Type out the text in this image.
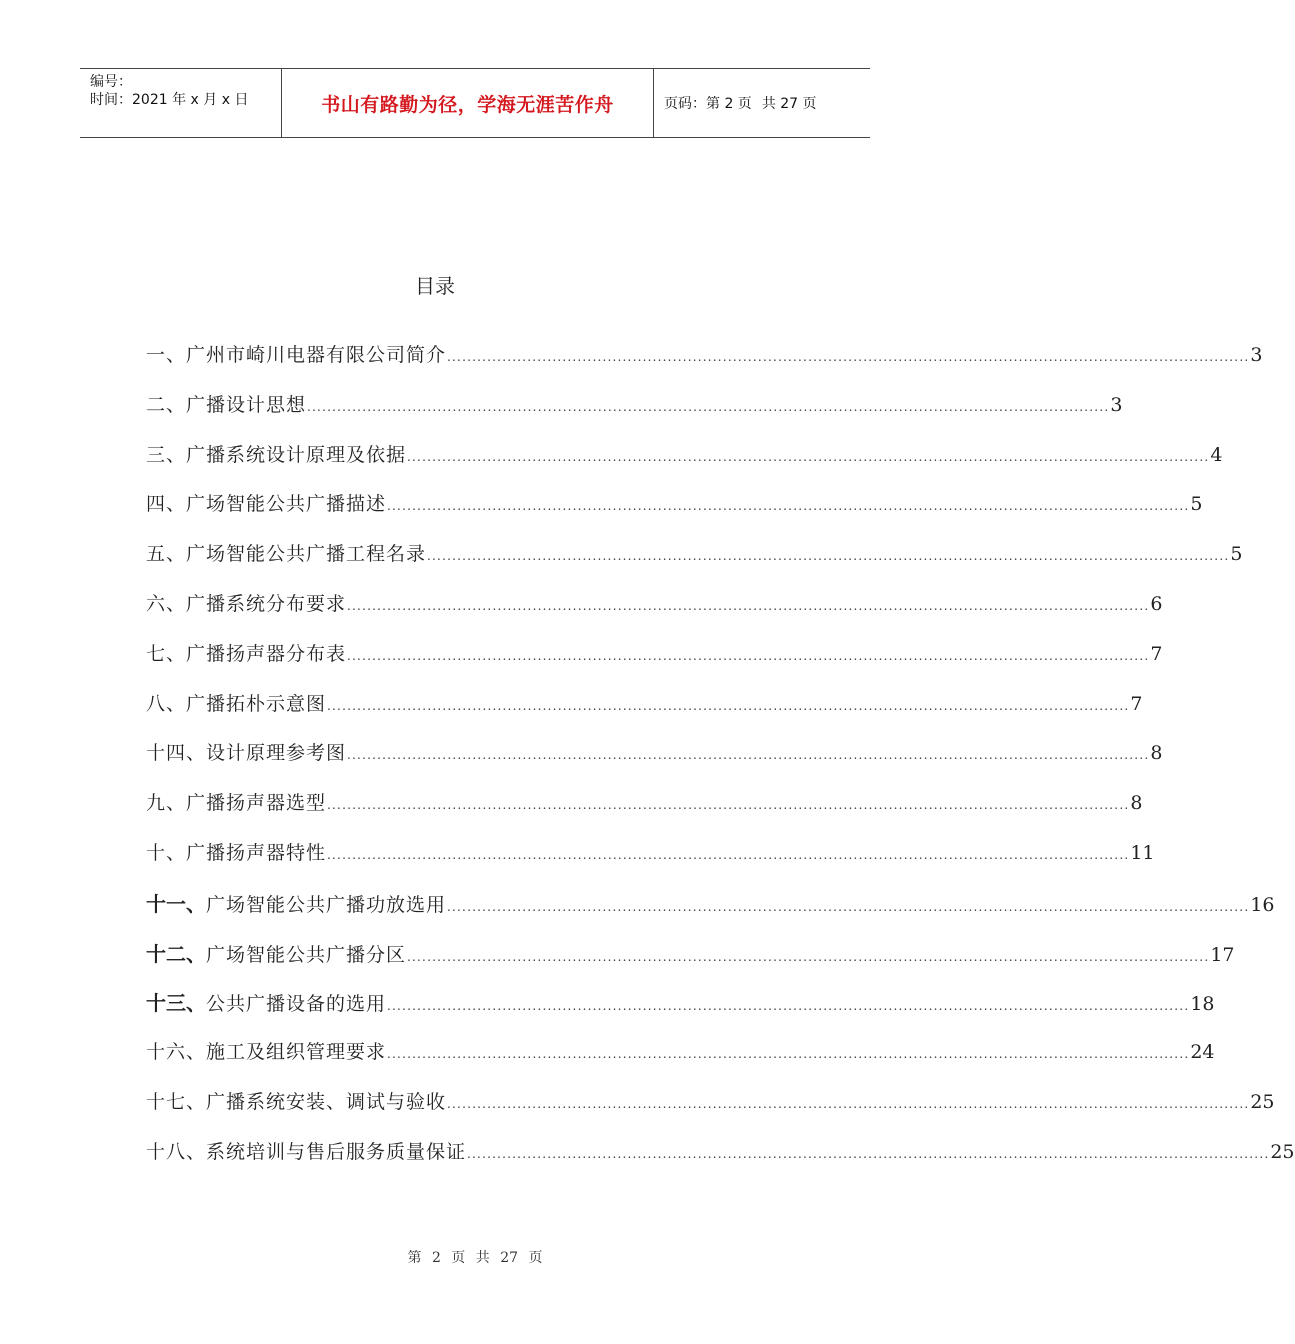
编号：
时间：2021 年 x 月 x 日	书山有路勤为径，学海无涯苦作舟	页码：第 2 页 共 27 页
目录
一、 广州市崎川电器有限公司简介 ................................................................................................................................................................ 3
二、 广播设计思想 ................................................................................................................................................................ 3
三、 广播系统设计原理及依据 ................................................................................................................................................................ 4
四、 广场智能公共广播描述 ................................................................................................................................................................ 5
五、 广场智能公共广播工程名录 ................................................................................................................................................................ 5
六、 广播系统分布要求 ................................................................................................................................................................ 6
七、 广播扬声器分布表 ................................................................................................................................................................ 7
八、 广播拓朴示意图 ................................................................................................................................................................ 7
十四、 设计原理参考图 ................................................................................................................................................................ 8
九、 广播扬声器选型 ................................................................................................................................................................ 8
十、 广播扬声器特性 ................................................................................................................................................................ 11
十一、 广场智能公共广播功放选用 ................................................................................................................................................................ 16
十二、 广场智能公共广播分区 ................................................................................................................................................................ 17
十三、 公共广播设备的选用 ................................................................................................................................................................ 18
十六、 施工及组织管理要求 ................................................................................................................................................................ 24
十七、 广播系统安装、调试与验收 ................................................................................................................................................................ 25
十八、 系统培训与售后服务质量保证 ................................................................................................................................................................ 25
第 2 页 共 27 页
